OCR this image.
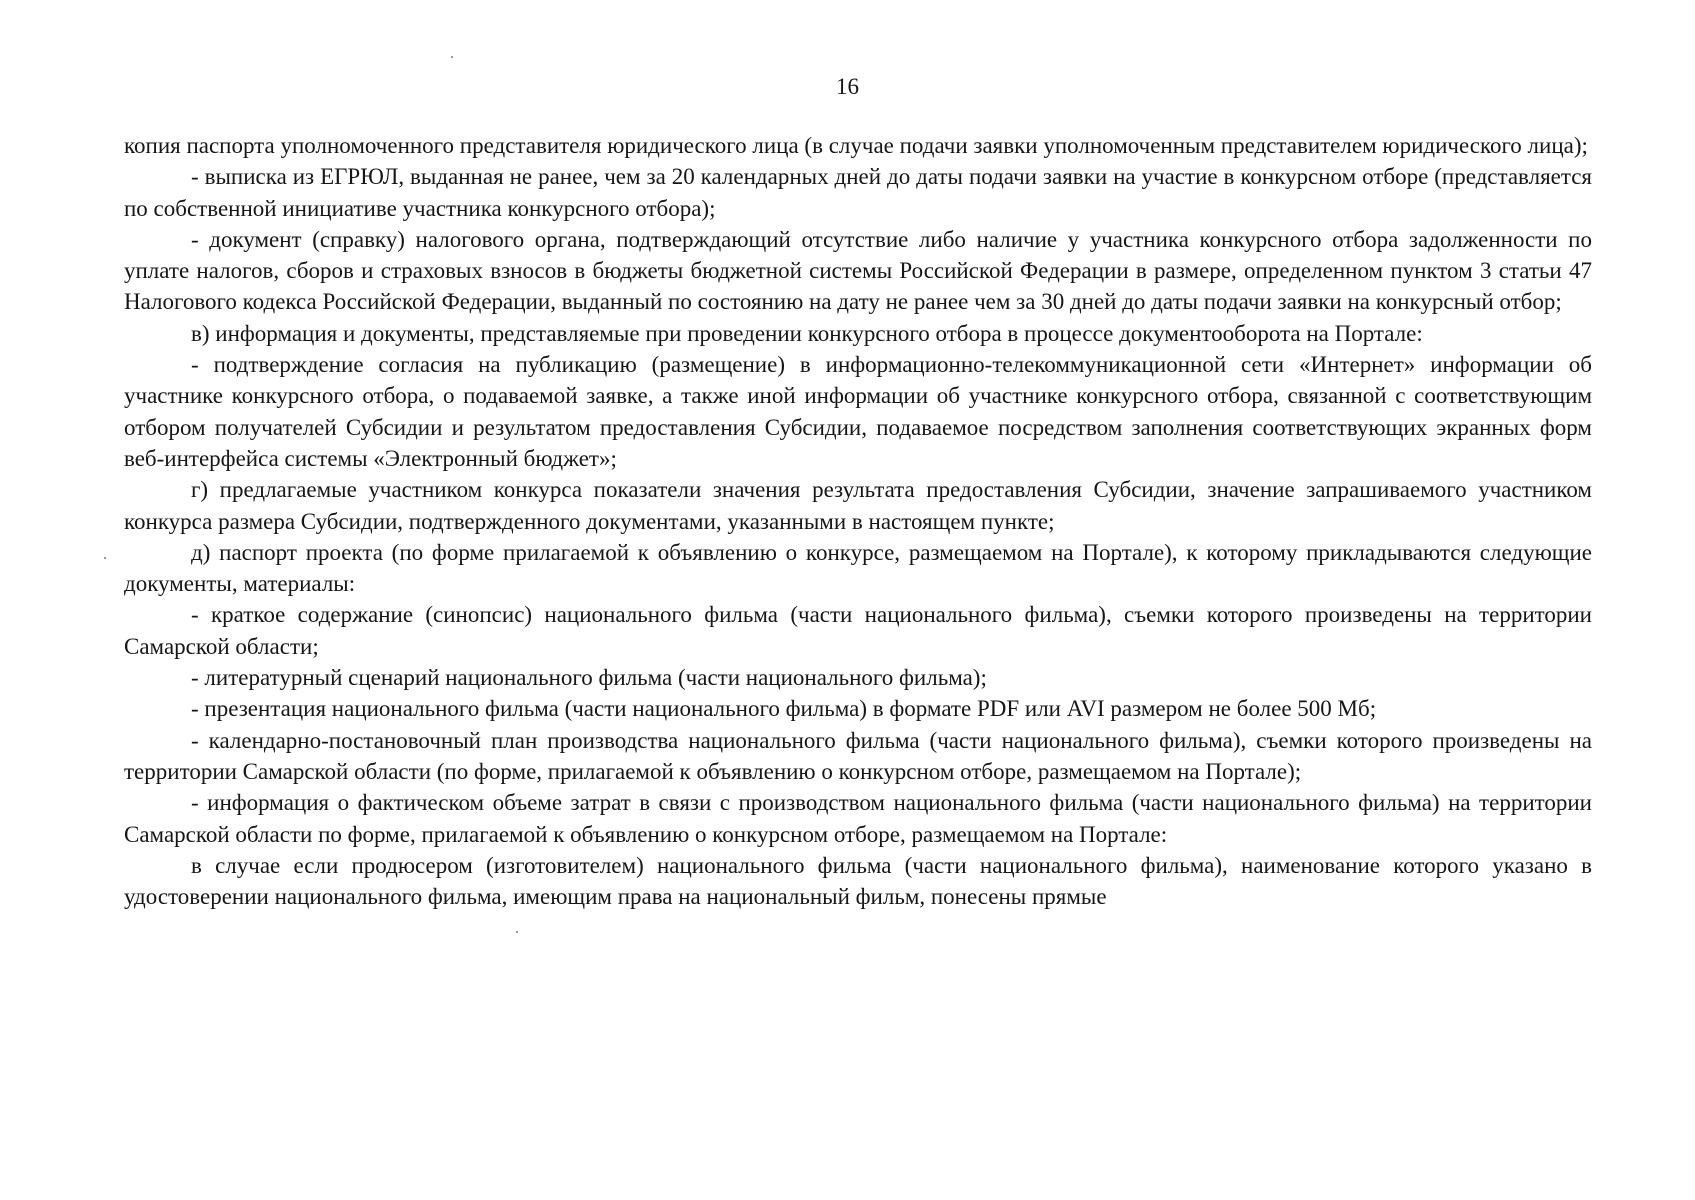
16

копия паспорта уполномоченного представителя юридического лица (в случае подачи заявки уполномоченным представителем юридического лица);

- выписка из ЕГРЮЛ, выданная не ранее, чем за 20 календарных дней до даты подачи заявки на участие в конкурсном отборе (представляется по собственной инициативе участника конкурсного отбора);

- документ (справку) налогового органа, подтверждающий отсутствие либо наличие у участника конкурсного отбора задолженности по уплате налогов, сборов и страховых взносов в бюджеты бюджетной системы Российской Федерации в размере, определенном пунктом 3 статьи 47 Налогового кодекса Российской Федерации, выданный по состоянию на дату не ранее чем за 30 дней до даты подачи заявки на конкурсный отбор;

в) информация и документы, представляемые при проведении конкурсного отбора в процессе документооборота на Портале:

- подтверждение согласия на публикацию (размещение) в информационно-телекоммуникационной сети «Интернет» информации об участнике конкурсного отбора, о подаваемой заявке, а также иной информации об участнике конкурсного отбора, связанной с соответствующим отбором получателей Субсидии и результатом предоставления Субсидии, подаваемое посредством заполнения соответствующих экранных форм веб-интерфейса системы «Электронный бюджет»;

г) предлагаемые участником конкурса показатели значения результата предоставления Субсидии, значение запрашиваемого участником конкурса размера Субсидии, подтвержденного документами, указанными в настоящем пункте;

д) паспорт проекта (по форме прилагаемой к объявлению о конкурсе, размещаемом на Портале), к которому прикладываются следующие документы, материалы:

- краткое содержание (синопсис) национального фильма (части национального фильма), съемки которого произведены на территории Самарской области;

- литературный сценарий национального фильма (части национального фильма);

- презентация национального фильма (части национального фильма) в формате PDF или AVI размером не более 500 Мб;

- календарно-постановочный план производства национального фильма (части национального фильма), съемки которого произведены на территории Самарской области (по форме, прилагаемой к объявлению о конкурсном отборе, размещаемом на Портале);

- информация о фактическом объеме затрат в связи с производством национального фильма (части национального фильма) на территории Самарской области по форме, прилагаемой к объявлению о конкурсном отборе, размещаемом на Портале:

в случае если продюсером (изготовителем) национального фильма (части национального фильма), наименование которого указано в удостоверении национального фильма, имеющим права на национальный фильм, понесены прямые
